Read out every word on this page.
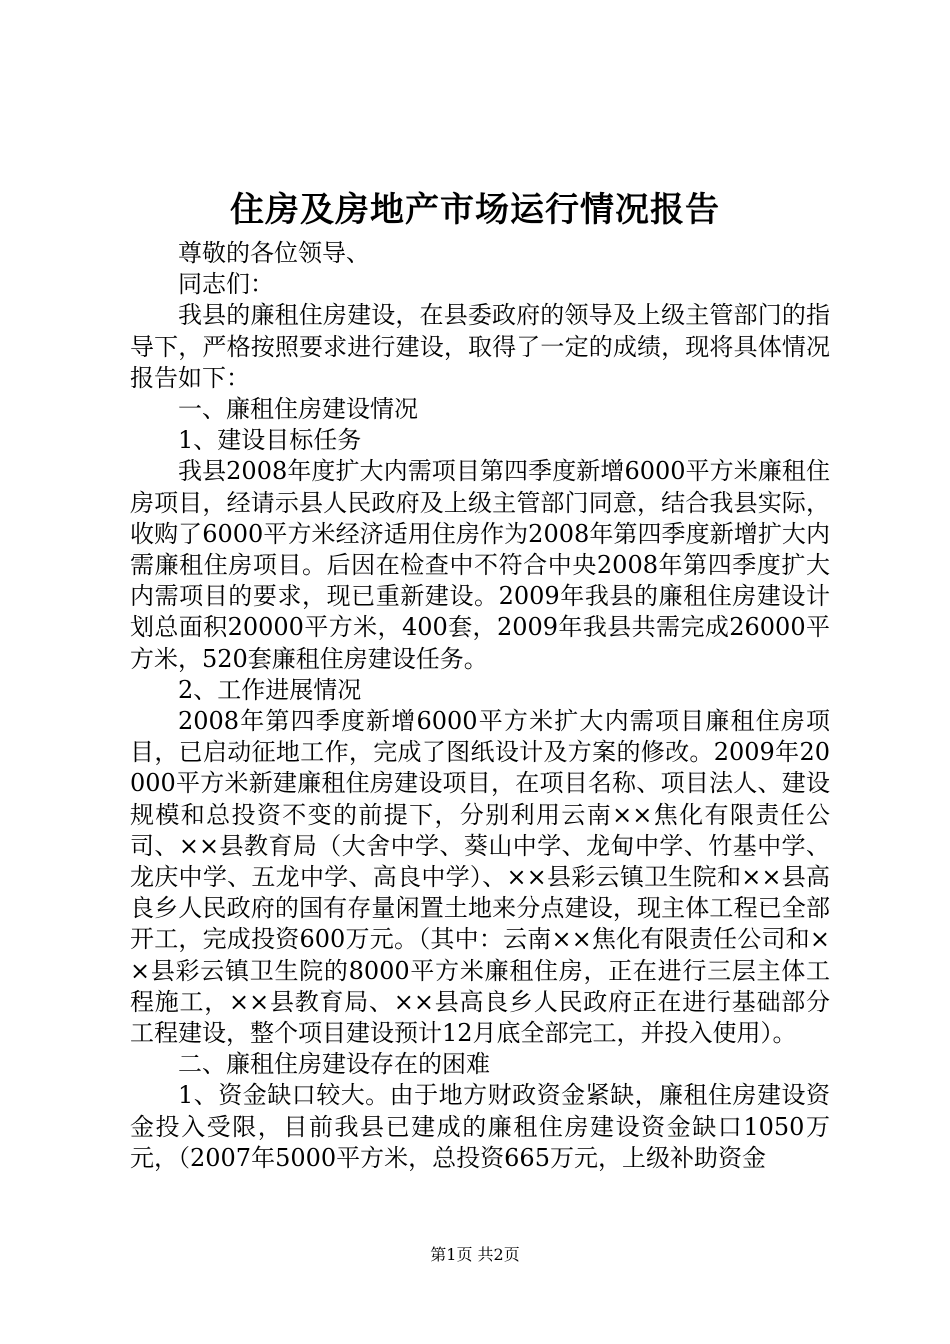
住房及房地产市场运行情况报告

尊敬的各位领导、

同志们：

我县的廉租住房建设，在县委政府的领导及上级主管部门的指导下，严格按照要求进行建设，取得了一定的成绩，现将具体情况报告如下：

一、廉租住房建设情况

1、建设目标任务

我县2008年度扩大内需项目第四季度新增6000平方米廉租住房项目，经请示县人民政府及上级主管部门同意，结合我县实际，收购了6000平方米经济适用住房作为2008年第四季度新增扩大内需廉租住房项目。后因在检查中不符合中央2008年第四季度扩大内需项目的要求，现已重新建设。2009年我县的廉租住房建设计划总面积20000平方米，400套，2009年我县共需完成26000平方米，520套廉租住房建设任务。

2、工作进展情况

2008年第四季度新增6000平方米扩大内需项目廉租住房项目，已启动征地工作，完成了图纸设计及方案的修改。2009年20000平方米新建廉租住房建设项目，在项目名称、项目法人、建设规模和总投资不变的前提下，分别利用云南××焦化有限责任公司、××县教育局（大舍中学、葵山中学、龙甸中学、竹基中学、龙庆中学、五龙中学、高良中学）、××县彩云镇卫生院和××县高良乡人民政府的国有存量闲置土地来分点建设，现主体工程已全部开工，完成投资600万元。（其中：云南××焦化有限责任公司和××县彩云镇卫生院的8000平方米廉租住房，正在进行三层主体工程施工，××县教育局、××县高良乡人民政府正在进行基础部分工程建设，整个项目建设预计12月底全部完工，并投入使用）。

二、廉租住房建设存在的困难

1、资金缺口较大。由于地方财政资金紧缺，廉租住房建设资金投入受限，目前我县已建成的廉租住房建设资金缺口1050万元，（2007年5000平方米，总投资665万元，上级补助资金

第1页 共2页
